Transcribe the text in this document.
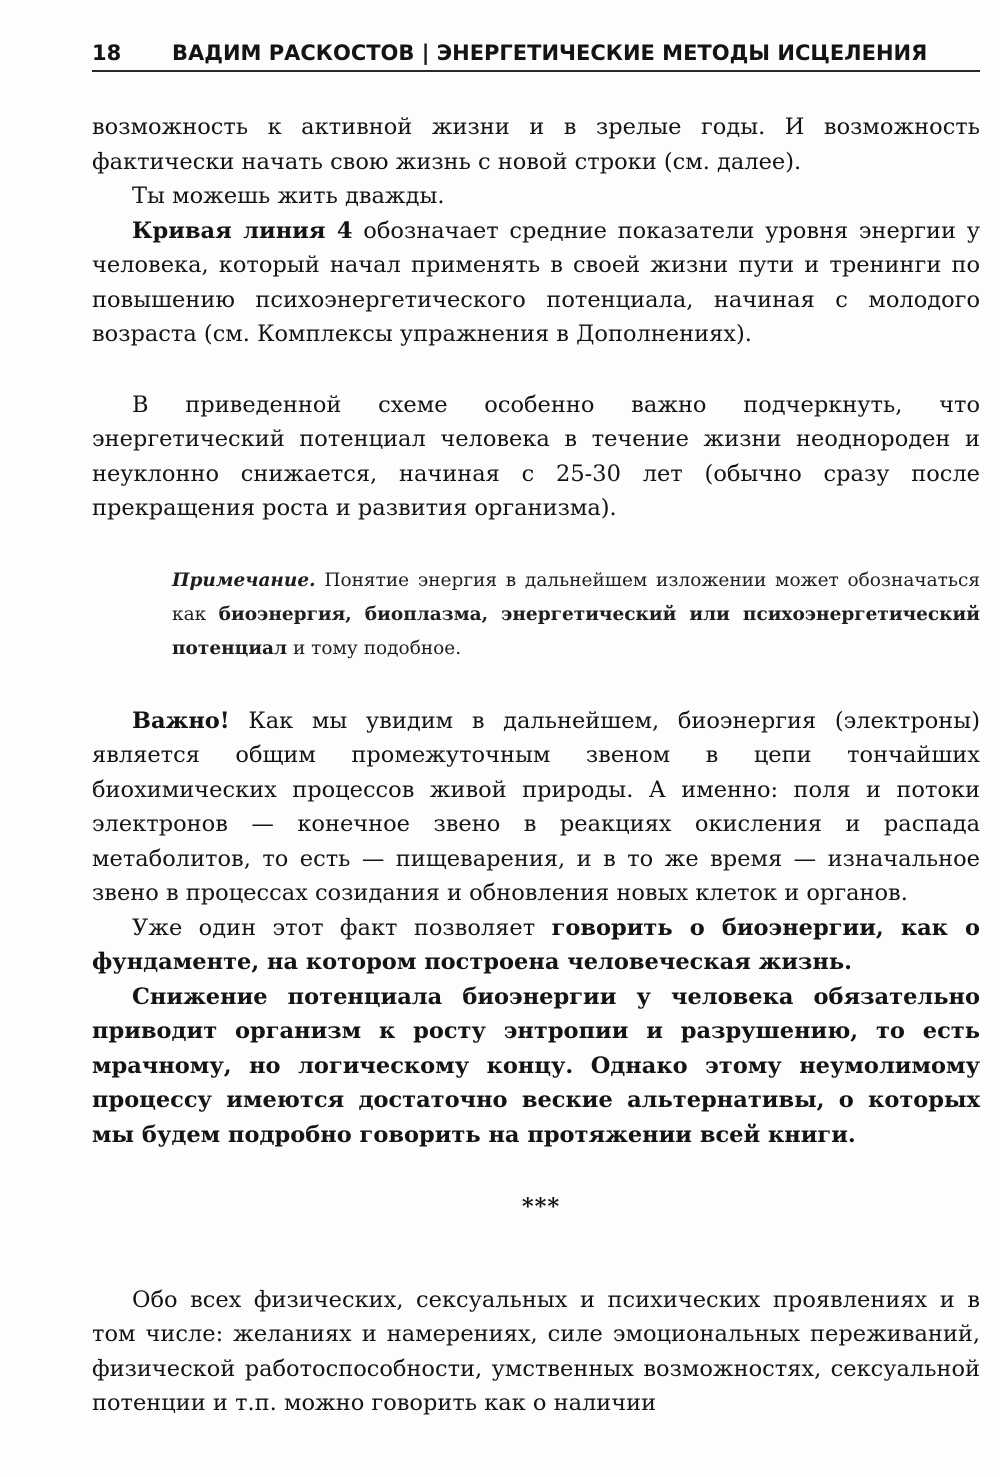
18 ВАДИМ РАСКОСТОВ | ЭНЕРГЕТИЧЕСКИЕ МЕТОДЫ ИСЦЕЛЕНИЯ

возможность к активной жизни и в зрелые годы. И возможность фактически начать свою жизнь с новой строки (см. далее).

Ты можешь жить дважды.

Кривая линия 4 обозначает средние показатели уровня энергии у человека, который начал применять в своей жизни пути и тренинги по повышению психоэнергетического потенциала, начиная с молодого возраста (см. Комплексы упражнения в Дополнениях).

В приведенной схеме особенно важно подчеркнуть, что энергетический потенциал человека в течение жизни неоднороден и неуклонно снижается, начиная с 25-30 лет (обычно сразу после прекращения роста и развития организма).

Примечание. Понятие энергия в дальнейшем изложении может обозначаться как биоэнергия, биоплазма, энергетический или психоэнергетический потенциал и тому подобное.

Важно! Как мы увидим в дальнейшем, биоэнергия (электроны) является общим промежуточным звеном в цепи тончайших биохимических процессов живой природы. А именно: поля и потоки электронов — конечное звено в реакциях окисления и распада метаболитов, то есть — пищеварения, и в то же время — изначальное звено в процессах созидания и обновления новых клеток и органов.

Уже один этот факт позволяет говорить о биоэнергии, как о фундаменте, на котором построена человеческая жизнь.

Снижение потенциала биоэнергии у человека обязательно приводит организм к росту энтропии и разрушению, то есть мрачному, но логическому концу. Однако этому неумолимому процессу имеются достаточно веские альтернативы, о которых мы будем подробно говорить на протяжении всей книги.

***

Обо всех физических, сексуальных и психических проявлениях и в том числе: желаниях и намерениях, силе эмоциональных переживаний, физической работоспособности, умственных возможностях, сексуальной потенции и т.п. можно говорить как о наличии
